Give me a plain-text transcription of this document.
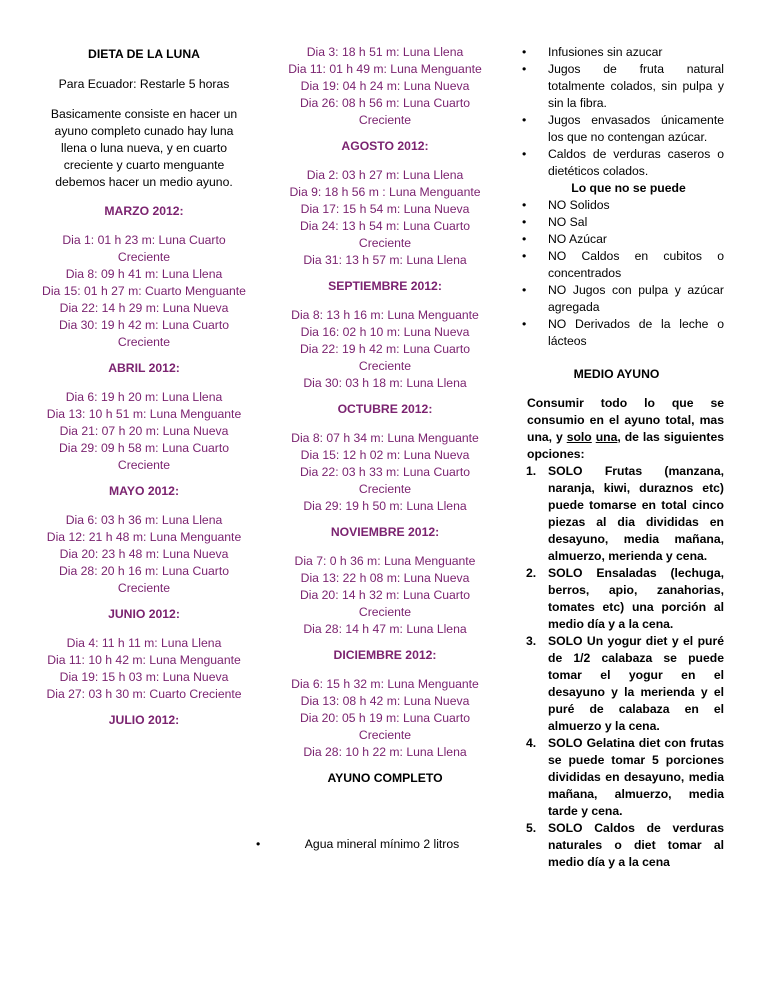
DIETA DE LA LUNA
Para Ecuador: Restarle 5 horas
Basicamente consiste en hacer un ayuno completo cunado hay luna llena o luna nueva, y en cuarto creciente y cuarto menguante debemos hacer un medio ayuno.
MARZO 2012:
Dia 1: 01 h 23 m: Luna Cuarto Creciente
Dia 8: 09 h 41 m: Luna Llena
Dia 15: 01 h 27 m: Cuarto Menguante
Dia 22: 14 h 29 m: Luna Nueva
Dia 30: 19 h 42 m: Luna Cuarto Creciente
ABRIL 2012:
Dia 6: 19 h 20 m: Luna Llena
Dia 13: 10 h 51 m: Luna Menguante
Dia 21: 07 h 20 m: Luna Nueva
Dia 29: 09 h 58 m: Luna Cuarto Creciente
MAYO 2012:
Dia 6: 03 h 36 m: Luna Llena
Dia 12: 21 h 48 m: Luna Menguante
Dia 20: 23 h 48 m: Luna Nueva
Dia 28: 20 h 16 m: Luna Cuarto Creciente
JUNIO 2012:
Dia 4: 11 h 11 m: Luna Llena
Dia 11: 10 h 42 m: Luna Menguante
Dia 19: 15 h 03 m: Luna Nueva
Dia 27: 03 h 30 m: Cuarto Creciente
JULIO 2012:
Dia 3: 18 h 51 m: Luna Llena
Dia 11: 01 h 49 m: Luna Menguante
Dia 19: 04 h 24 m: Luna Nueva
Dia 26: 08 h 56 m: Luna Cuarto Creciente
AGOSTO 2012:
Dia 2: 03 h 27 m: Luna Llena
Dia 9: 18 h 56 m : Luna Menguante
Dia 17: 15 h 54 m: Luna Nueva
Dia 24: 13 h 54 m: Luna Cuarto Creciente
Dia 31: 13 h 57 m: Luna Llena
SEPTIEMBRE 2012:
Dia 8: 13 h 16 m: Luna Menguante
Dia 16: 02 h 10 m: Luna Nueva
Dia 22: 19 h 42 m: Luna Cuarto Creciente
Dia 30: 03 h 18 m: Luna Llena
OCTUBRE 2012:
Dia 8: 07 h 34 m: Luna Menguante
Dia 15: 12 h 02 m: Luna Nueva
Dia 22: 03 h 33 m: Luna Cuarto Creciente
Dia 29: 19 h 50 m: Luna Llena
NOVIEMBRE 2012:
Dia 7: 0 h 36 m: Luna Menguante
Dia 13: 22 h 08 m: Luna Nueva
Dia 20: 14 h 32 m: Luna Cuarto Creciente
Dia 28: 14 h 47 m: Luna Llena
DICIEMBRE 2012:
Dia 6: 15 h 32 m: Luna Menguante
Dia 13: 08 h 42 m: Luna Nueva
Dia 20: 05 h 19 m: Luna Cuarto Creciente
Dia 28: 10 h 22 m: Luna Llena
AYUNO COMPLETO
•	Agua mineral mínimo 2 litros
• Infusiones sin azucar
• Jugos de fruta natural totalmente colados, sin pulpa y sin la fibra.
• Jugos envasados únicamente los que no contengan azúcar.
• Caldos de verduras caseros o dietéticos colados.
Lo que no se puede
• NO Solidos
• NO Sal
• NO Azúcar
• NO Caldos en cubitos o concentrados
• NO Jugos con pulpa y azúcar agregada
• NO Derivados de la leche o lácteos
MEDIO AYUNO
Consumir todo lo que se consumio en el ayuno total, mas una, y solo una, de las siguientes opciones:
1. SOLO Frutas (manzana, naranja, kiwi, duraznos etc) puede tomarse en total cinco piezas al dia divididas en desayuno, media mañana, almuerzo, merienda y cena.
2. SOLO Ensaladas (lechuga, berros, apio, zanahorias, tomates etc) una porción al medio día y a la cena.
3. SOLO Un yogur diet y el puré de 1/2 calabaza se puede tomar el yogur en el desayuno y la merienda y el puré de calabaza en el almuerzo y la cena.
4. SOLO Gelatina diet con frutas se puede tomar 5 porciones divididas en desayuno, media mañana, almuerzo, media tarde y cena.
5. SOLO Caldos de verduras naturales o diet tomar al medio día y a la cena
